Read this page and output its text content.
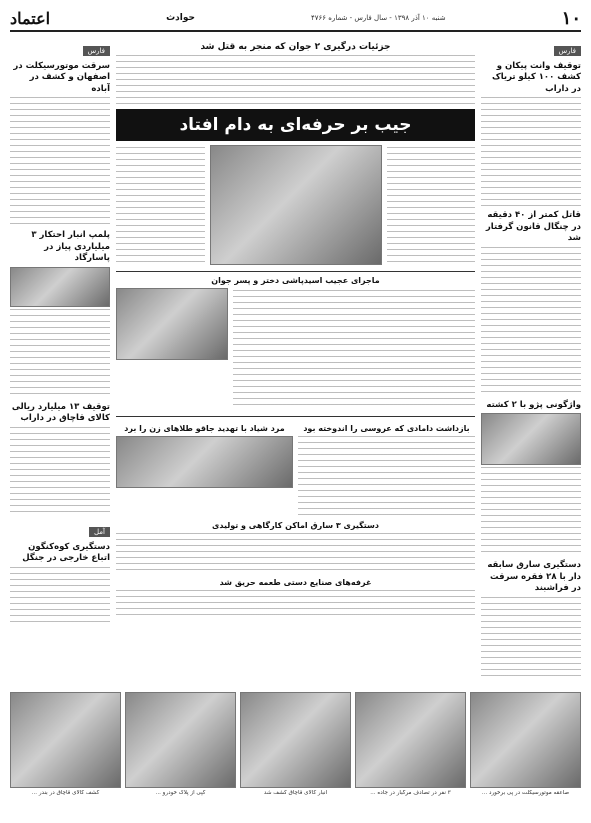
۱۰
شنبه ۱۰ آذر ۱۳۹۸ - سال فارس - شماره ۴۷۶۶
حوادث
اعتماد
فارس
توقیف وانت پیکان و کشف ۱۰۰ کیلو تریاک در داراب
قاتل کمتر از ۴۰ دقیقه در چنگال قانون گرفتار شد
واژگونی پژو با ۲ کشته
دستگیری سارق سابقه دار با ۲۸ فقره سرقت در فراشبند
جزئیات درگیری ۲ جوان که منجر به قتل شد
جیب بر حرفه‌ای به دام افتاد
ماجرای عجیب اسیدپاشی دختر و پسر جوان
بازداشت دامادی که عروسی را اندوخته بود
مرد شیاد با تهدید جاقو طلاهای زن را برد
دستگیری ۳ سارق اماکن کارگاهی و تولیدی
غرفه‌های صنایع دستی طعمه حریق شد
فارس
سرقت موتورسیکلت در اصفهان و کشف در آباده
پلمپ انبار احتکار ۳ میلیاردی پیاز در پاسارگاد
توقیف ۱۳ میلیارد ریالی کالای قاچاق در داراب
آمل
دستگیری کوه‌کنگون اتباع خارجی در جنگل
صاعقه موتورسیکلت در پی برخورد ...
۳ نفر در تصادف مرگبار در جاده ...
انبار کالای قاچاق کشف شد
کپی از پلاک خودرو ...
کشف کالای قاچاق در بندر ...
